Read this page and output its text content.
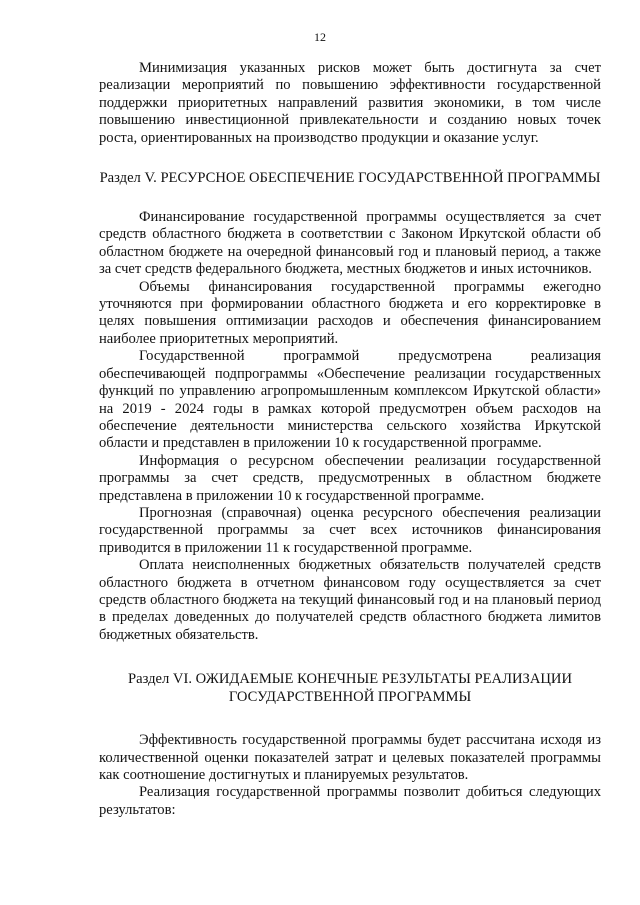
12

Минимизация указанных рисков может быть достигнута за счет реализации мероприятий по повышению эффективности государственной поддержки приоритетных направлений развития экономики, в том числе повышению инвестиционной привлекательности и созданию новых точек роста, ориентированных на производство продукции и оказание услуг.

Раздел V. РЕСУРСНОЕ ОБЕСПЕЧЕНИЕ ГОСУДАРСТВЕННОЙ ПРОГРАММЫ

Финансирование государственной программы осуществляется за счет средств областного бюджета в соответствии с Законом Иркутской области об областном бюджете на очередной финансовый год и плановый период, а также за счет средств федерального бюджета, местных бюджетов и иных источников.

Объемы финансирования государственной программы ежегодно уточняются при формировании областного бюджета и его корректировке в целях повышения оптимизации расходов и обеспечения финансированием наиболее приоритетных мероприятий.

Государственной программой предусмотрена реализация обеспечивающей подпрограммы «Обеспечение реализации государственных функций по управлению агропромышленным комплексом Иркутской области» на 2019 - 2024 годы в рамках которой предусмотрен объем расходов на обеспечение деятельности министерства сельского хозяйства Иркутской области и представлен в приложении 10 к государственной программе.

Информация о ресурсном обеспечении реализации государственной программы за счет средств, предусмотренных в областном бюджете представлена в приложении 10 к государственной программе.

Прогнозная (справочная) оценка ресурсного обеспечения реализации государственной программы за счет всех источников финансирования приводится в приложении 11 к государственной программе.

Оплата неисполненных бюджетных обязательств получателей средств областного бюджета в отчетном финансовом году осуществляется за счет средств областного бюджета на текущий финансовый год и на плановый период в пределах доведенных до получателей средств областного бюджета лимитов бюджетных обязательств.

Раздел VI. ОЖИДАЕМЫЕ КОНЕЧНЫЕ РЕЗУЛЬТАТЫ РЕАЛИЗАЦИИ ГОСУДАРСТВЕННОЙ ПРОГРАММЫ

Эффективность государственной программы будет рассчитана исходя из количественной оценки показателей затрат и целевых показателей программы как соотношение достигнутых и планируемых результатов.

Реализация государственной программы позволит добиться следующих результатов:
